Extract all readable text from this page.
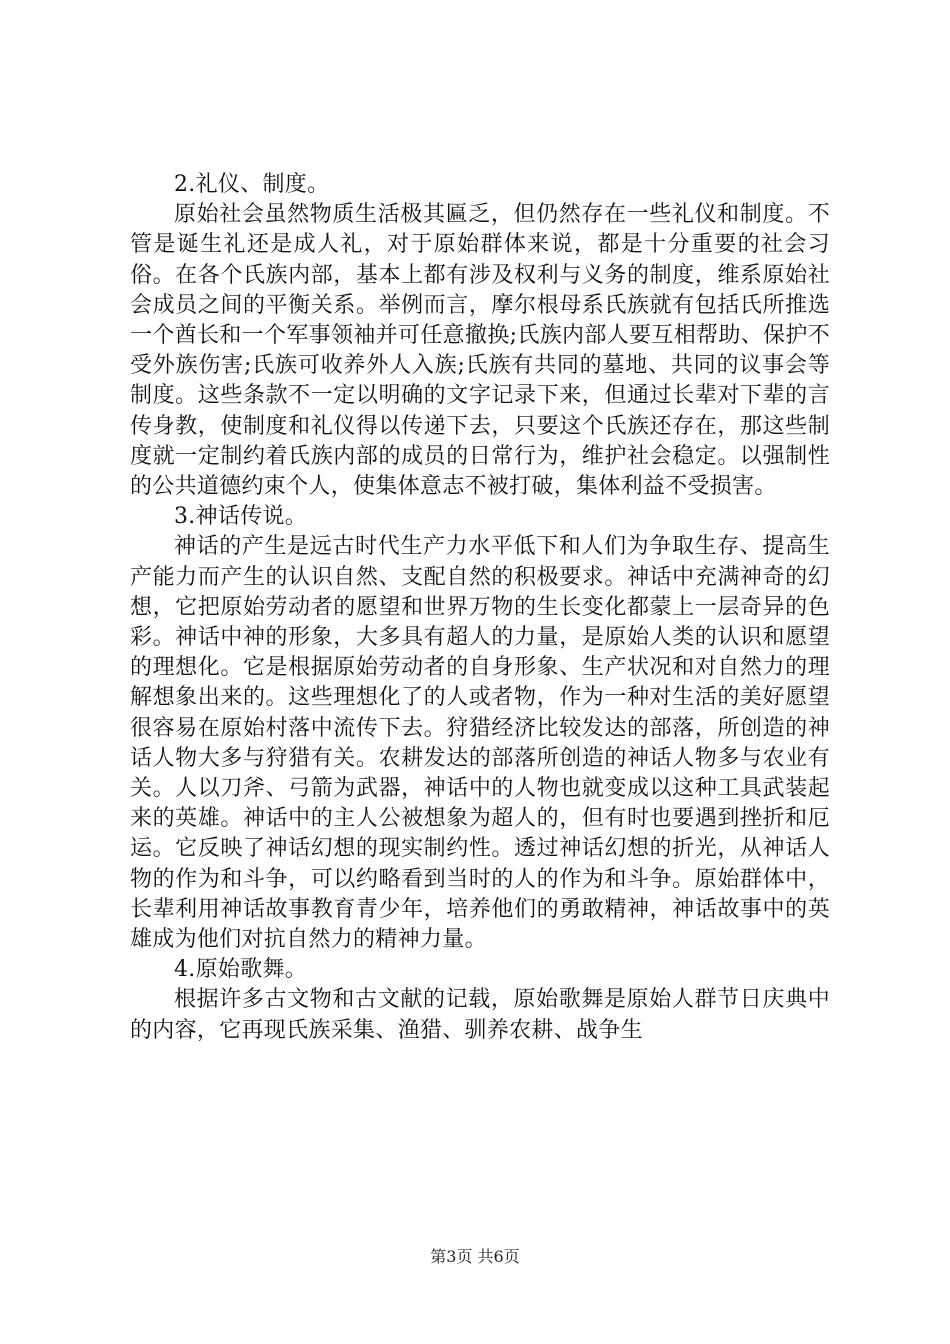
2.礼仪、制度。

原始社会虽然物质生活极其匾乏，但仍然存在一些礼仪和制度。不管是诞生礼还是成人礼，对于原始群体来说，都是十分重要的社会习俗。在各个氏族内部，基本上都有涉及权利与义务的制度，维系原始社会成员之间的平衡关系。举例而言，摩尔根母系氏族就有包括氏所推选一个酋长和一个军事领袖并可任意撤换;氏族内部人要互相帮助、保护不受外族伤害;氏族可收养外人入族;氏族有共同的墓地、共同的议事会等制度。这些条款不一定以明确的文字记录下来，但通过长辈对下辈的言传身教，使制度和礼仪得以传递下去，只要这个氏族还存在，那这些制度就一定制约着氏族内部的成员的日常行为，维护社会稳定。以强制性的公共道德约束个人，使集体意志不被打破，集体利益不受损害。

3.神话传说。

神话的产生是远古时代生产力水平低下和人们为争取生存、提高生产能力而产生的认识自然、支配自然的积极要求。神话中充满神奇的幻想，它把原始劳动者的愿望和世界万物的生长变化都蒙上一层奇异的色彩。神话中神的形象，大多具有超人的力量，是原始人类的认识和愿望的理想化。它是根据原始劳动者的自身形象、生产状况和对自然力的理解想象出来的。这些理想化了的人或者物，作为一种对生活的美好愿望很容易在原始村落中流传下去。狩猎经济比较发达的部落，所创造的神话人物大多与狩猎有关。农耕发达的部落所创造的神话人物多与农业有关。人以刀斧、弓箭为武器，神话中的人物也就变成以这种工具武装起来的英雄。神话中的主人公被想象为超人的，但有时也要遇到挫折和厄运。它反映了神话幻想的现实制约性。透过神话幻想的折光，从神话人物的作为和斗争，可以约略看到当时的人的作为和斗争。原始群体中，长辈利用神话故事教育青少年，培养他们的勇敢精神，神话故事中的英雄成为他们对抗自然力的精神力量。

4.原始歌舞。

根据许多古文物和古文献的记载，原始歌舞是原始人群节日庆典中的内容，它再现氏族采集、渔猎、驯养农耕、战争生

第3页 共6页
